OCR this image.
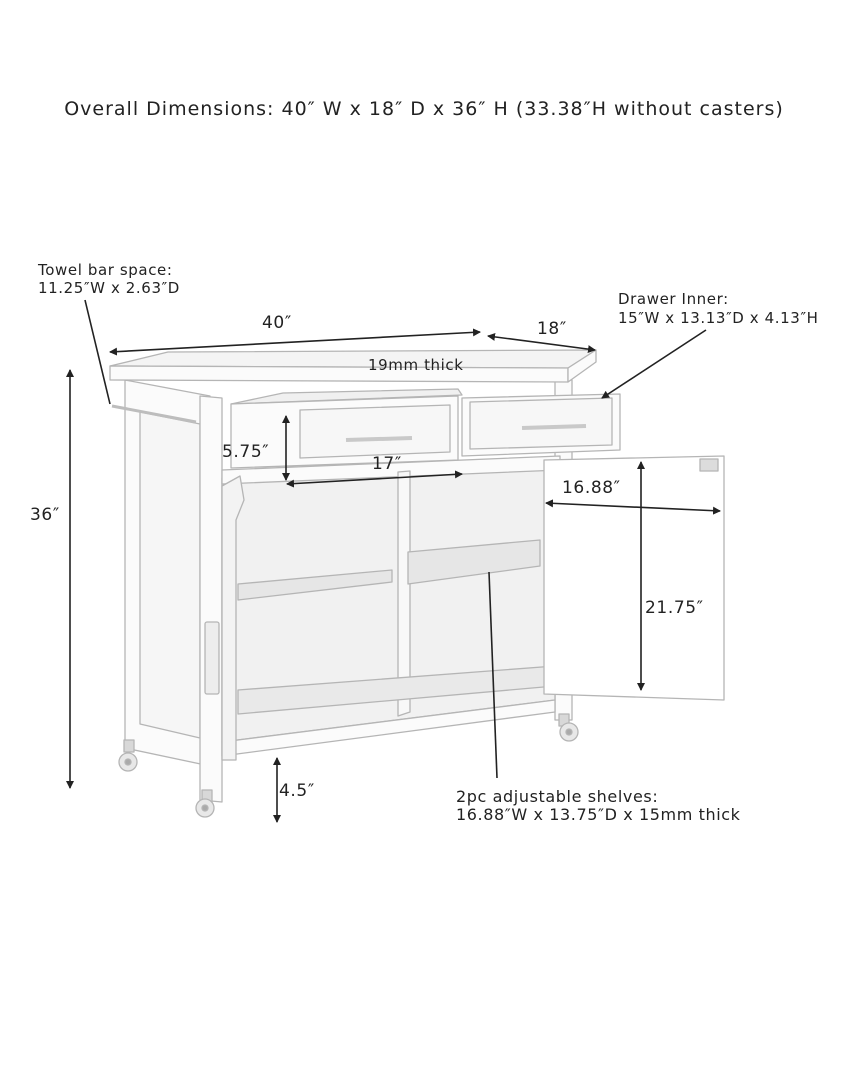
Overall Dimensions: 40″ W x 18″ D x 36″ H (33.38″H without casters)
Towel bar space:
11.25″W x 2.63″D
Drawer Inner:
15″W x 13.13″D x 4.13″H
40″	18″
19mm thick
36″
5.75″
17″
16.88″
21.75″
4.5″	2pc adjustable shelves:
16.88″W x 13.75″D x 15mm thick
